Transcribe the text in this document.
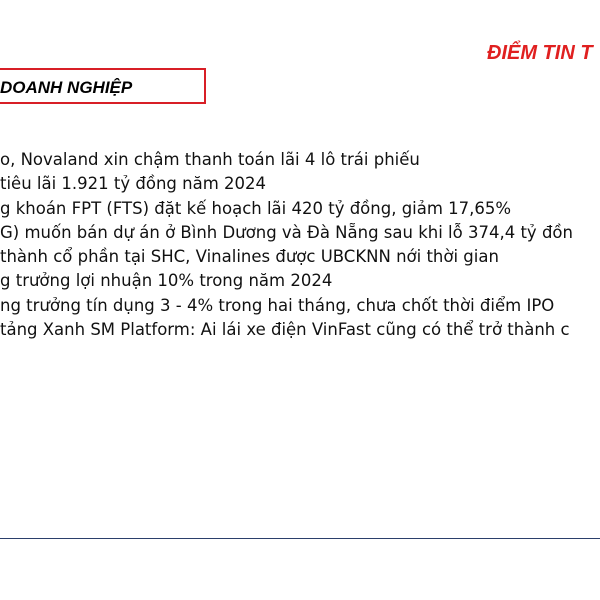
ĐIỂM TIN T
DOANH NGHIỆP
o, Novaland xin chậm thanh toán lãi 4 lô trái phiếu
tiêu lãi 1.921 tỷ đồng năm 2024
g khoán FPT (FTS) đặt kế hoạch lãi 420 tỷ đồng, giảm 17,65%
G) muốn bán dự án ở Bình Dương và Đà Nẵng sau khi lỗ 374,4 tỷ đồn
thành cổ phần tại SHC, Vinalines được UBCKNN nới thời gian
g trưởng lợi nhuận 10% trong năm 2024
ng trưởng tín dụng 3 - 4% trong hai tháng, chưa chốt thời điểm IPO
tảng Xanh SM Platform: Ai lái xe điện VinFast cũng có thể trở thành c
